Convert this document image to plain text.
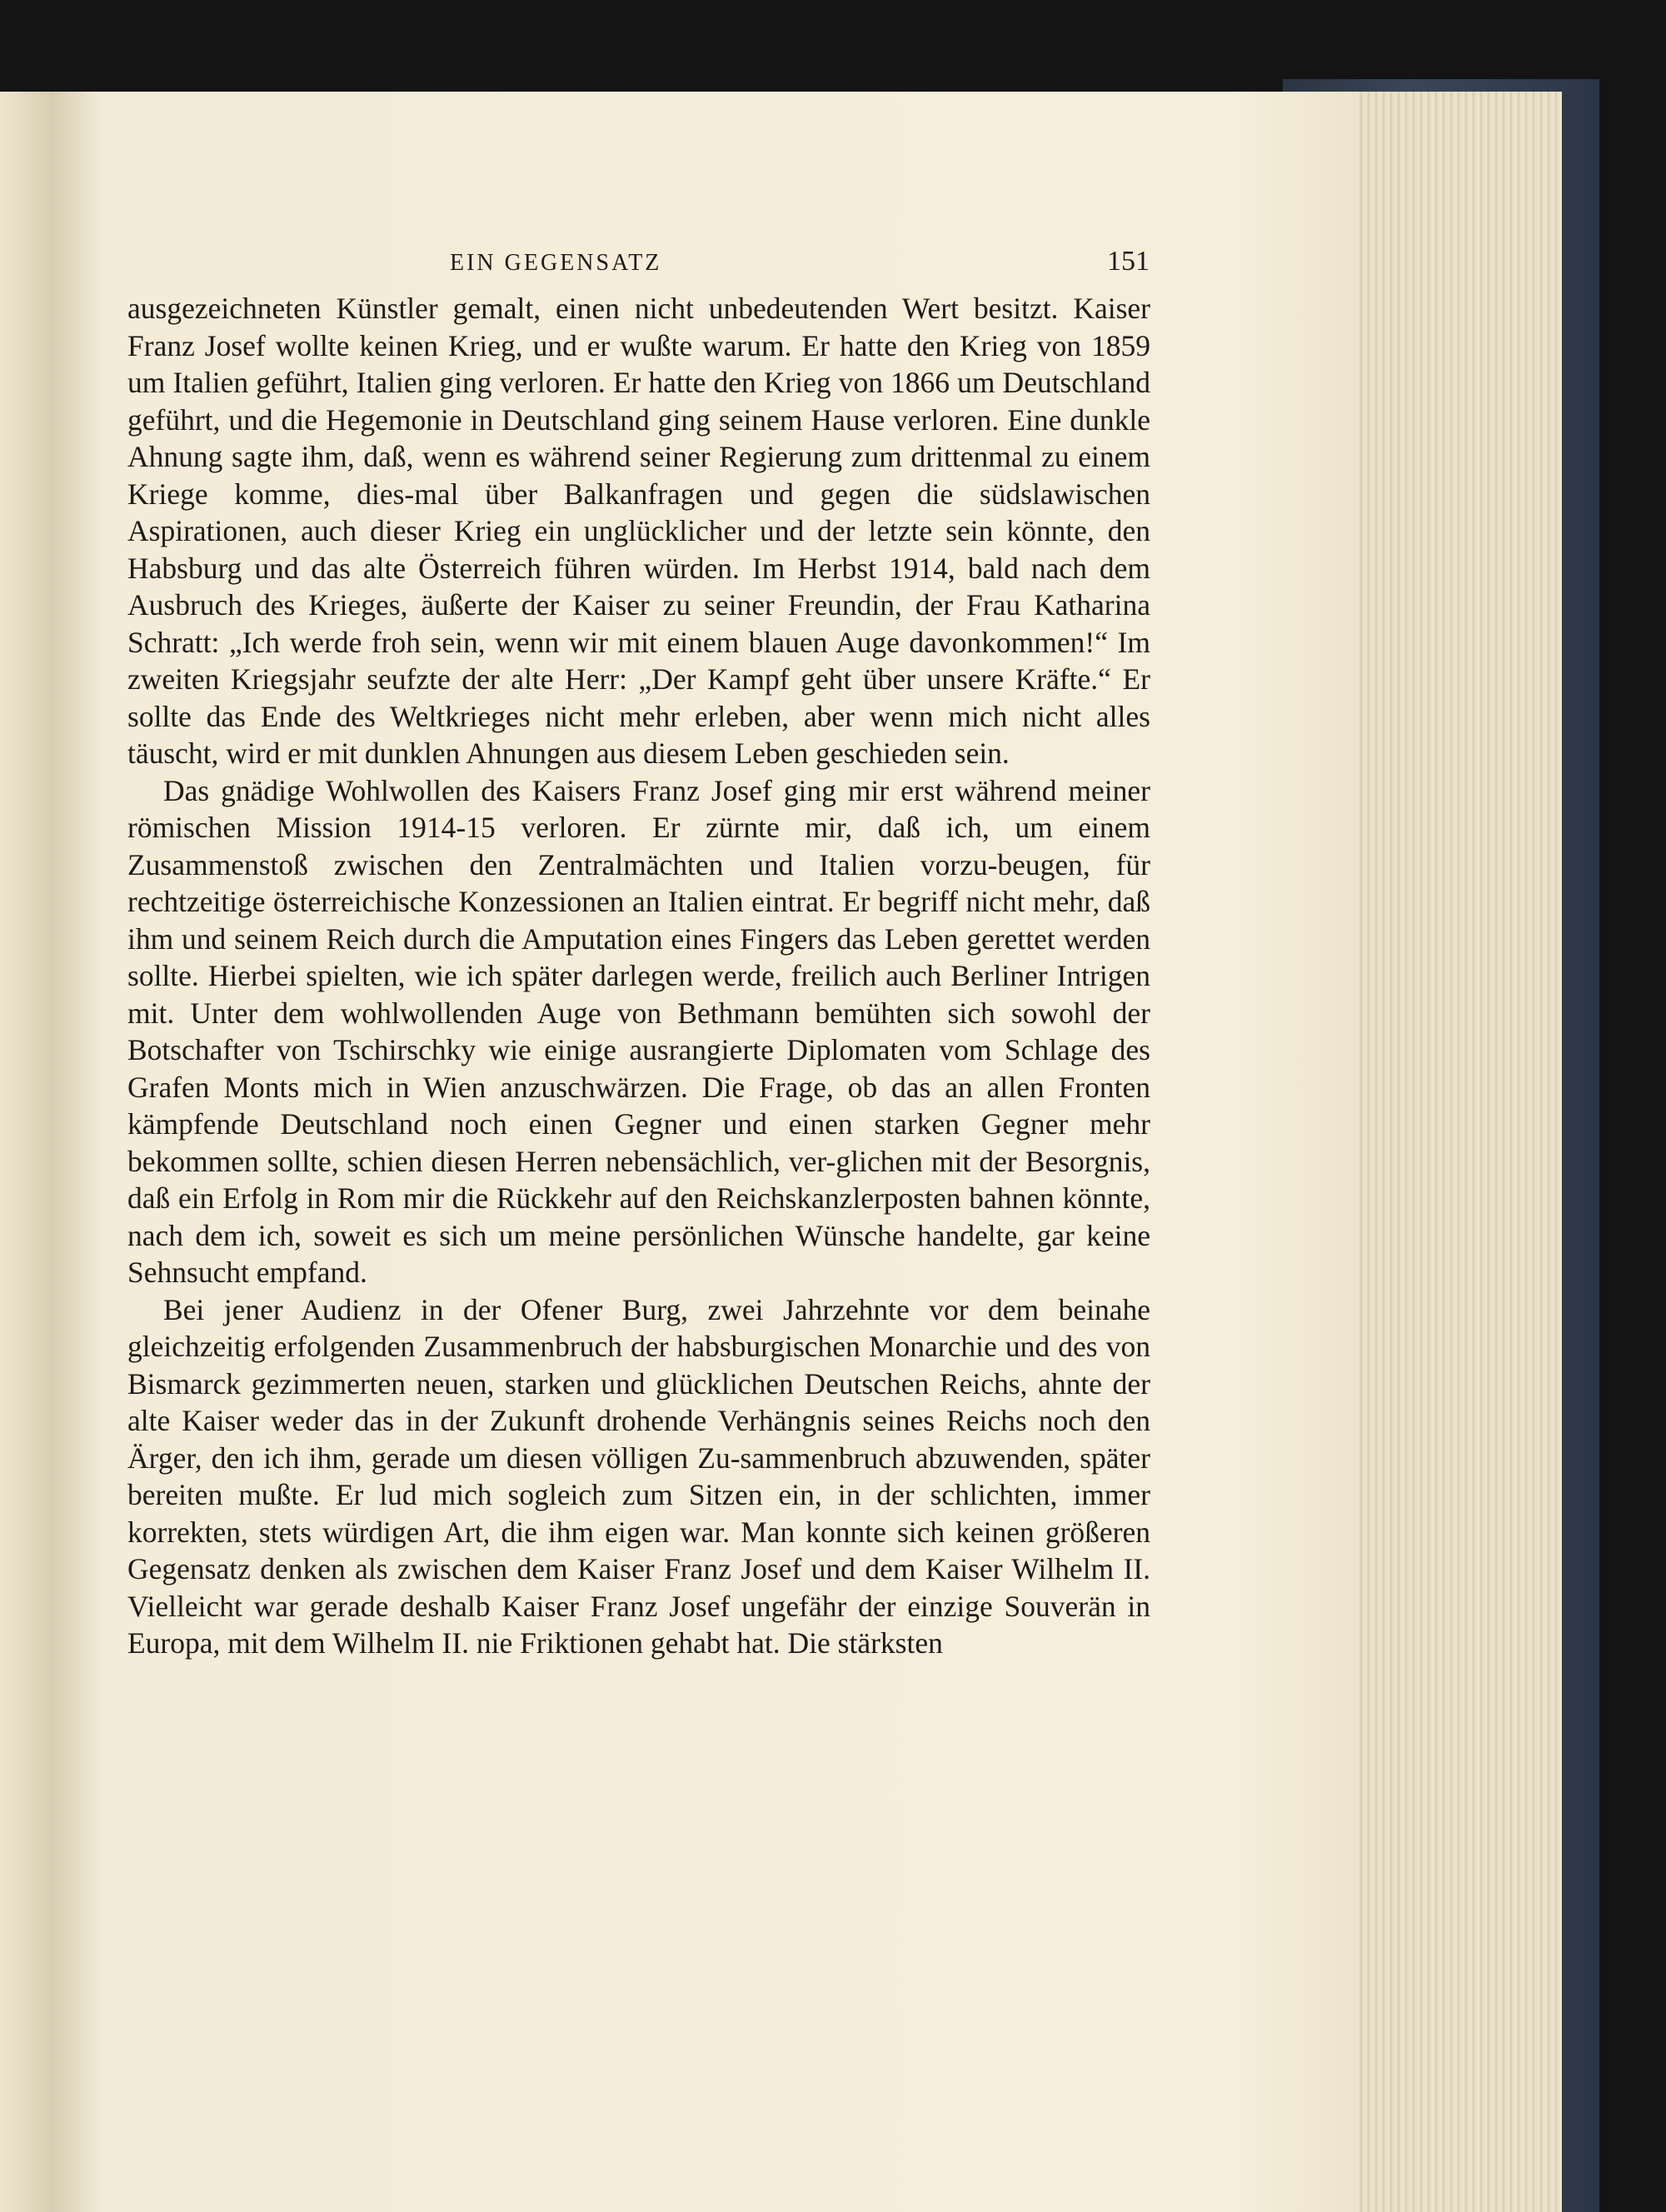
EIN GEGENSATZ	151

ausgezeichneten Künstler gemalt, einen nicht unbedeutenden Wert besitzt. Kaiser Franz Josef wollte keinen Krieg, und er wußte warum. Er hatte den Krieg von 1859 um Italien geführt, Italien ging verloren. Er hatte den Krieg von 1866 um Deutschland geführt, und die Hegemonie in Deutschland ging seinem Hause verloren. Eine dunkle Ahnung sagte ihm, daß, wenn es während seiner Regierung zum drittenmal zu einem Kriege komme, dies-mal über Balkanfragen und gegen die südslawischen Aspirationen, auch dieser Krieg ein unglücklicher und der letzte sein könnte, den Habsburg und das alte Österreich führen würden. Im Herbst 1914, bald nach dem Ausbruch des Krieges, äußerte der Kaiser zu seiner Freundin, der Frau Katharina Schratt: „Ich werde froh sein, wenn wir mit einem blauen Auge davonkommen!“ Im zweiten Kriegsjahr seufzte der alte Herr: „Der Kampf geht über unsere Kräfte.“ Er sollte das Ende des Weltkrieges nicht mehr erleben, aber wenn mich nicht alles täuscht, wird er mit dunklen Ahnungen aus diesem Leben geschieden sein.

Das gnädige Wohlwollen des Kaisers Franz Josef ging mir erst während meiner römischen Mission 1914-15 verloren. Er zürnte mir, daß ich, um einem Zusammenstoß zwischen den Zentralmächten und Italien vorzu-beugen, für rechtzeitige österreichische Konzessionen an Italien eintrat. Er begriff nicht mehr, daß ihm und seinem Reich durch die Amputation eines Fingers das Leben gerettet werden sollte. Hierbei spielten, wie ich später darlegen werde, freilich auch Berliner Intrigen mit. Unter dem wohlwollenden Auge von Bethmann bemühten sich sowohl der Botschafter von Tschirschky wie einige ausrangierte Diplomaten vom Schlage des Grafen Monts mich in Wien anzuschwärzen. Die Frage, ob das an allen Fronten kämpfende Deutschland noch einen Gegner und einen starken Gegner mehr bekommen sollte, schien diesen Herren nebensächlich, ver-glichen mit der Besorgnis, daß ein Erfolg in Rom mir die Rückkehr auf den Reichskanzlerposten bahnen könnte, nach dem ich, soweit es sich um meine persönlichen Wünsche handelte, gar keine Sehnsucht empfand.

Bei jener Audienz in der Ofener Burg, zwei Jahrzehnte vor dem beinahe gleichzeitig erfolgenden Zusammenbruch der habsburgischen Monarchie und des von Bismarck gezimmerten neuen, starken und glücklichen Deutschen Reichs, ahnte der alte Kaiser weder das in der Zukunft drohende Verhängnis seines Reichs noch den Ärger, den ich ihm, gerade um diesen völligen Zu-sammenbruch abzuwenden, später bereiten mußte. Er lud mich sogleich zum Sitzen ein, in der schlichten, immer korrekten, stets würdigen Art, die ihm eigen war. Man konnte sich keinen größeren Gegensatz denken als zwischen dem Kaiser Franz Josef und dem Kaiser Wilhelm II. Vielleicht war gerade deshalb Kaiser Franz Josef ungefähr der einzige Souverän in Europa, mit dem Wilhelm II. nie Friktionen gehabt hat. Die stärksten
